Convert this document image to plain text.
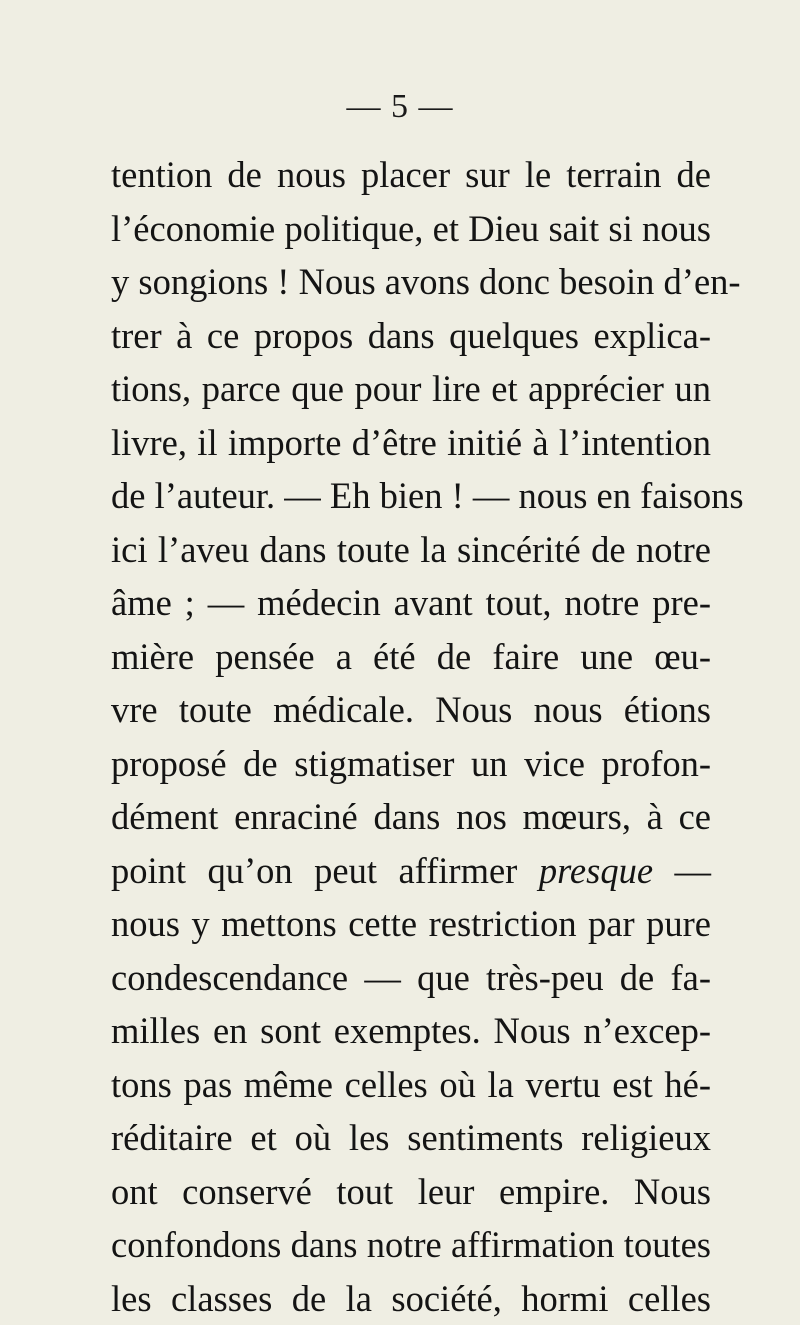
— 5 —
tention de nous placer sur le terrain de
l’économie politique, et Dieu sait si nous
y songions ! Nous avons donc besoin d’en-
trer à ce propos dans quelques explica-
tions, parce que pour lire et apprécier un
livre, il importe d’être initié à l’intention
de l’auteur. — Eh bien ! — nous en faisons
ici l’aveu dans toute la sincérité de notre
âme ; — médecin avant tout, notre pre-
mière pensée a été de faire une œu-
vre toute médicale. Nous nous étions
proposé de stigmatiser un vice profon-
dément enraciné dans nos mœurs, à ce
point qu’on peut affirmer presque —
nous y mettons cette restriction par pure
condescendance — que très-peu de fa-
milles en sont exemptes. Nous n’excep-
tons pas même celles où la vertu est hé-
réditaire et où les sentiments religieux
ont conservé tout leur empire. Nous
confondons dans notre affirmation toutes
les classes de la société, hormi celles
